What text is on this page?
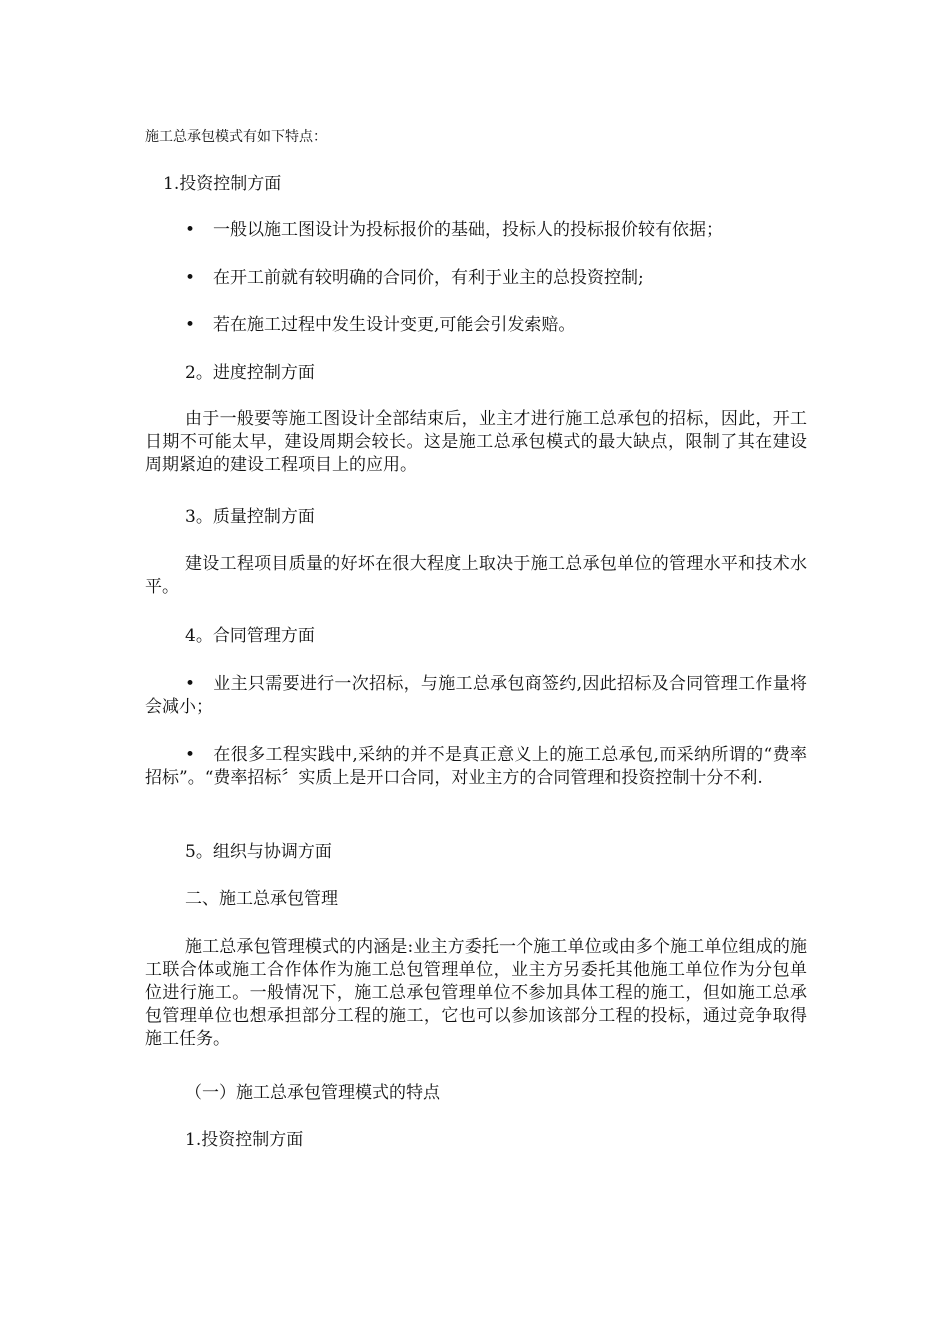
施工总承包模式有如下特点：
1.投资控制方面
• 一般以施工图设计为投标报价的基础，投标人的投标报价较有依据；
• 在开工前就有较明确的合同价，有利于业主的总投资控制;
• 若在施工过程中发生设计变更,可能会引发索赔。
2。进度控制方面
由于一般要等施工图设计全部结束后，业主才进行施工总承包的招标，因此，开工日期不可能太早，建设周期会较长。这是施工总承包模式的最大缺点，限制了其在建设周期紧迫的建设工程项目上的应用。
3。质量控制方面
建设工程项目质量的好坏在很大程度上取决于施工总承包单位的管理水平和技术水平。
4。合同管理方面
• 业主只需要进行一次招标，与施工总承包商签约,因此招标及合同管理工作量将会减小；
• 在很多工程实践中,采纳的并不是真正意义上的施工总承包,而采纳所谓的“费率招标”。“费率招标〞实质上是开口合同，对业主方的合同管理和投资控制十分不利.
5。组织与协调方面
二、施工总承包管理
施工总承包管理模式的内涵是:业主方委托一个施工单位或由多个施工单位组成的施工联合体或施工合作体作为施工总包管理单位，业主方另委托其他施工单位作为分包单位进行施工。一般情况下，施工总承包管理单位不参加具体工程的施工，但如施工总承包管理单位也想承担部分工程的施工，它也可以参加该部分工程的投标，通过竞争取得施工任务。
（一）施工总承包管理模式的特点
1.投资控制方面
